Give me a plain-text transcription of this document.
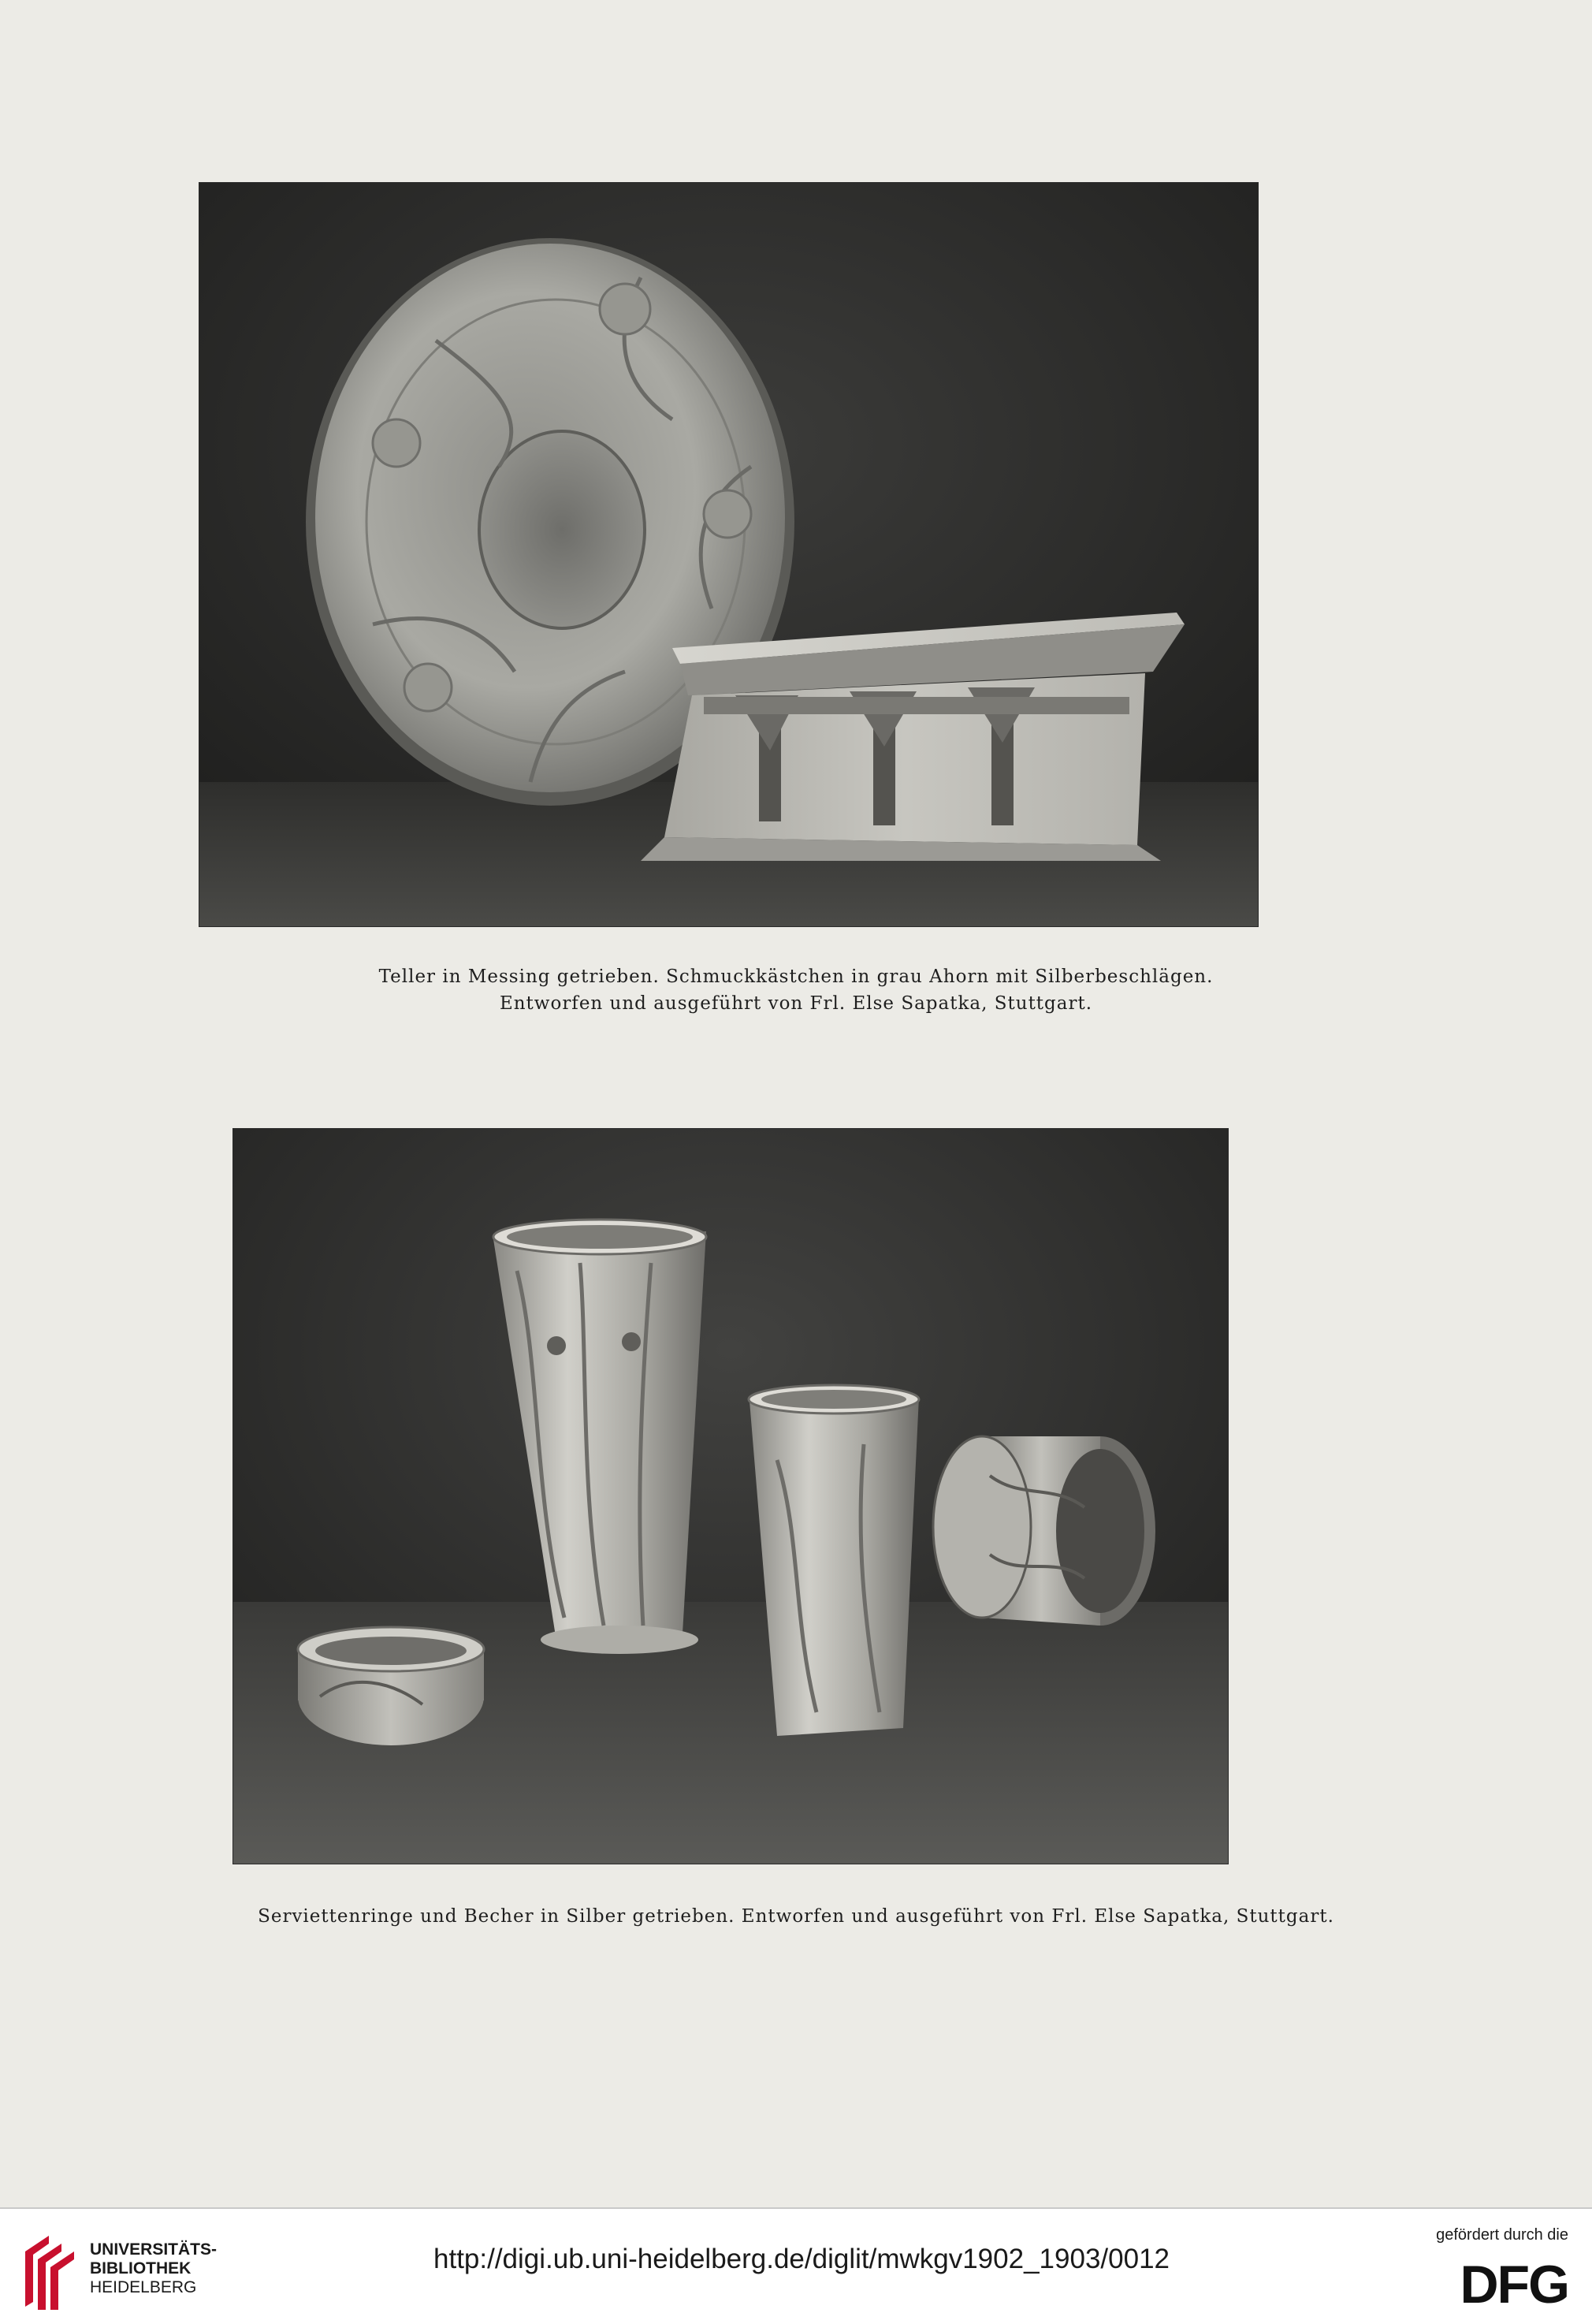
Teller in Messing getrieben. Schmuckkästchen in grau Ahorn mit Silberbeschlägen.
Entworfen und ausgeführt von Frl. Else Sapatka, Stuttgart.
Serviettenringe und Becher in Silber getrieben. Entworfen und ausgeführt von Frl. Else Sapatka, Stuttgart.
UNIVERSITÄTS-
BIBLIOTHEK
HEIDELBERG
http://digi.ub.uni-heidelberg.de/diglit/mwkgv1902_1903/0012
gefördert durch die
DFG
